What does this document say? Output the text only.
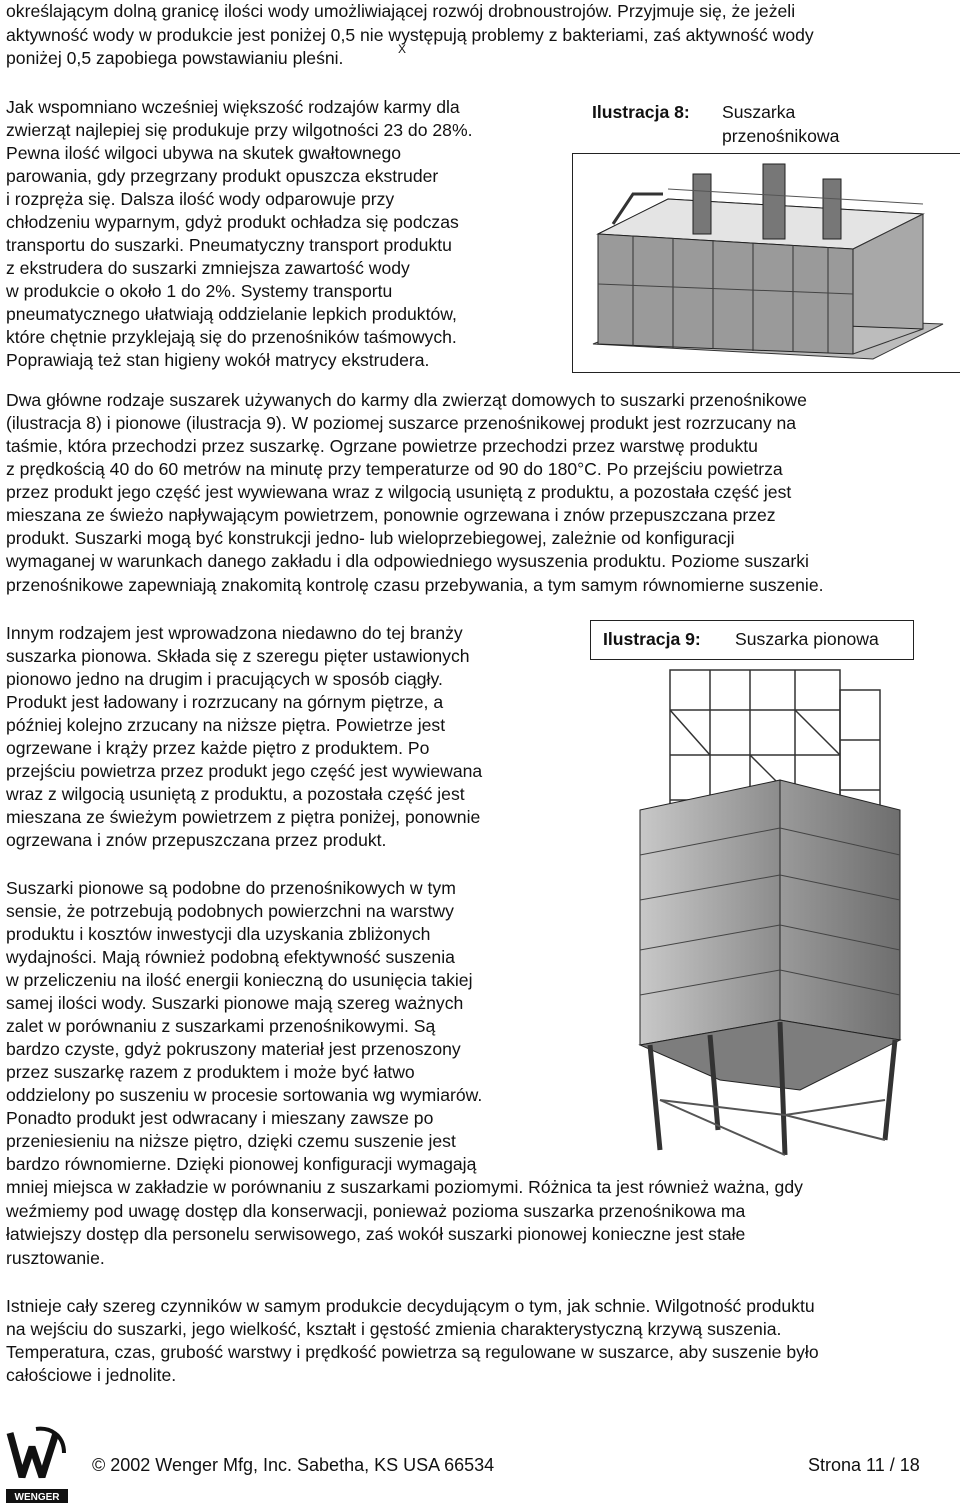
określającym dolną granicę ilości wody umożliwiającej rozwój drobnoustrojów. Przyjmuje się, że jeżeli
aktywność wody w produkcie jest poniżej 0,5 nie występują problemy z bakteriami, zaś aktywność wody
poniżej 0,5 zapobiega powstawianiu pleśni.	X
Jak wspomniano wcześniej większość rodzajów karmy dla
zwierząt najlepiej się produkuje przy wilgotności 23 do 28%.
Pewna ilość wilgoci ubywa na skutek gwałtownego
parowania, gdy przegrzany produkt opuszcza ekstruder
i rozpręża się. Dalsza ilość wody odparowuje przy
chłodzeniu wyparnym, gdyż produkt ochładza się podczas
transportu do suszarki. Pneumatyczny transport produktu
z ekstrudera do suszarki zmniejsza zawartość wody
w produkcie o około 1 do 2%. Systemy transportu
pneumatycznego ułatwiają oddzielanie lepkich produktów,
które chętnie przyklejają się do przenośników taśmowych.
Poprawiają też stan higieny wokół matrycy ekstrudera.
Ilustracja 8: Suszarka
przenośnikowa
Dwa główne rodzaje suszarek używanych do karmy dla zwierząt domowych to suszarki przenośnikowe
(ilustracja 8) i pionowe (ilustracja 9). W poziomej suszarce przenośnikowej produkt jest rozrzucany na
taśmie, która przechodzi przez suszarkę. Ogrzane powietrze przechodzi przez warstwę produktu
z prędkością 40 do 60 metrów na minutę przy temperaturze od 90 do 180°C. Po przejściu powietrza
przez produkt jego część jest wywiewana wraz z wilgocią usuniętą z produktu, a pozostała część jest
mieszana ze świeżo napływającym powietrzem, ponownie ogrzewana i znów przepuszczana przez
produkt. Suszarki mogą być konstrukcji jedno- lub wieloprzebiegowej, zależnie od konfiguracji
wymaganej w warunkach danego zakładu i dla odpowiedniego wysuszenia produktu. Poziome suszarki
przenośnikowe zapewniają znakomitą kontrolę czasu przebywania, a tym samym równomierne suszenie.
Innym rodzajem jest wprowadzona niedawno do tej branży
suszarka pionowa. Składa się z szeregu pięter ustawionych
pionowo jedno na drugim i pracujących w sposób ciągły.
Produkt jest ładowany i rozrzucany na górnym piętrze, a
później kolejno zrzucany na niższe piętra. Powietrze jest
ogrzewane i krąży przez każde piętro z produktem. Po
przejściu powietrza przez produkt jego część jest wywiewana
wraz z wilgocią usuniętą z produktu, a pozostała część jest
mieszana ze świeżym powietrzem z piętra poniżej, ponownie
ogrzewana i znów przepuszczana przez produkt.
Ilustracja 9: Suszarka pionowa
Suszarki pionowe są podobne do przenośnikowych w tym
sensie, że potrzebują podobnych powierzchni na warstwy
produktu i kosztów inwestycji dla uzyskania zbliżonych
wydajności. Mają również podobną efektywność suszenia
w przeliczeniu na ilość energii konieczną do usunięcia takiej
samej ilości wody. Suszarki pionowe mają szereg ważnych
zalet w porównaniu z suszarkami przenośnikowymi. Są
bardzo czyste, gdyż pokruszony materiał jest przenoszony
przez suszarkę razem z produktem i może być łatwo
oddzielony po suszeniu w procesie sortowania wg wymiarów.
Ponadto produkt jest odwracany i mieszany zawsze po
przeniesieniu na niższe piętro, dzięki czemu suszenie jest
bardzo równomierne. Dzięki pionowej konfiguracji wymagają
mniej miejsca w zakładzie w porównaniu z suszarkami poziomymi. Różnica ta jest również ważna, gdy
weźmiemy pod uwagę dostęp dla konserwacji, ponieważ pozioma suszarka przenośnikowa ma
łatwiejszy dostęp dla personelu serwisowego, zaś wokół suszarki pionowej konieczne jest stałe
rusztowanie.
Istnieje cały szereg czynników w samym produkcie decydującym o tym, jak schnie. Wilgotność produktu
na wejściu do suszarki, jego wielkość, kształt i gęstość zmienia charakterystyczną krzywą suszenia.
Temperatura, czas, grubość warstwy i prędkość powietrza są regulowane w suszarce, aby suszenie było
całościowe i jednolite.
WENGER
© 2002 Wenger Mfg, Inc. Sabetha, KS USA 66534	Strona 11 / 18
